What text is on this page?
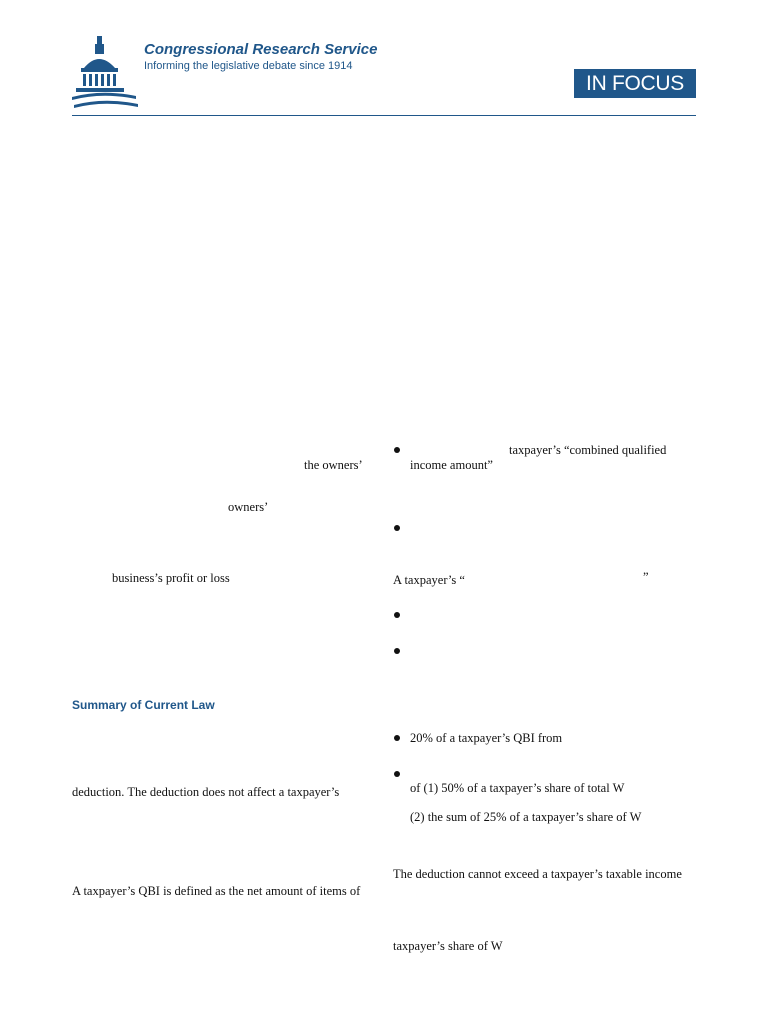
Congressional Research Service
Informing the legislative debate since 1914
IN FOCUS
the owners’
owners’
business’s profit or loss
Summary of Current Law
deduction. The deduction does not affect a taxpayer’s
A taxpayer’s QBI is defined as the net amount of items of
taxpayer’s “combined qualified
income amount”
A taxpayer’s “	”
20% of a taxpayer’s QBI from
of (1) 50% of a taxpayer’s share of total W
(2) the sum of 25% of a taxpayer’s share of W
The deduction cannot exceed a taxpayer’s taxable income
taxpayer’s share of W
